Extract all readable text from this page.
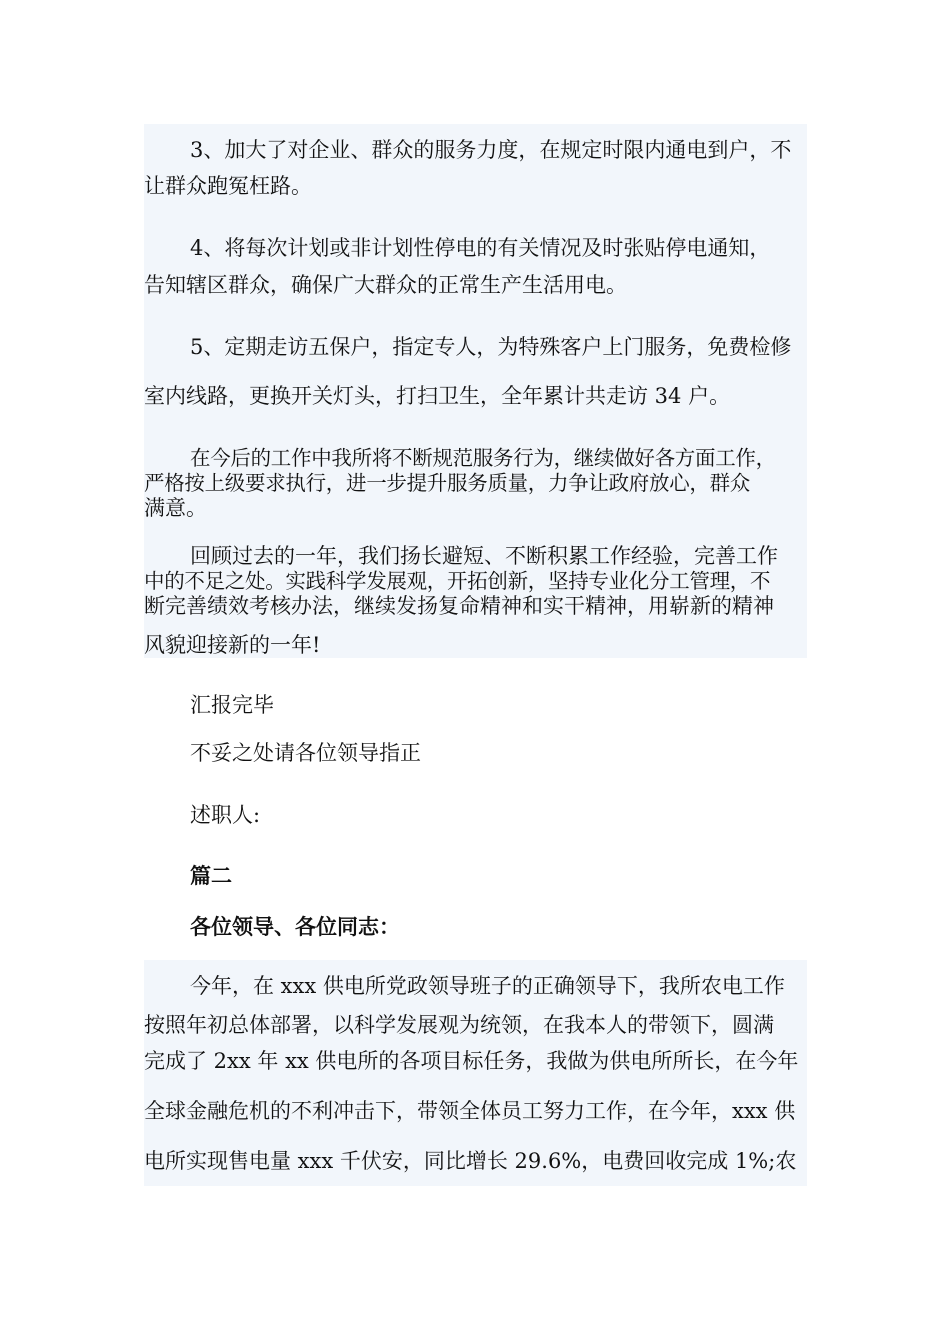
3、加大了对企业、群众的服务力度，在规定时限内通电到户，不
让群众跑冤枉路。
4、将每次计划或非计划性停电的有关情况及时张贴停电通知，
告知辖区群众，确保广大群众的正常生产生活用电。
5、定期走访五保户，指定专人，为特殊客户上门服务，免费检修
室内线路，更换开关灯头，打扫卫生，全年累计共走访 34 户。
在今后的工作中我所将不断规范服务行为，继续做好各方面工作，
严格按上级要求执行，进一步提升服务质量，力争让政府放心，群众
满意。
回顾过去的一年，我们扬长避短、不断积累工作经验，完善工作
中的不足之处。实践科学发展观，开拓创新，坚持专业化分工管理，不
断完善绩效考核办法，继续发扬复命精神和实干精神，用崭新的精神
风貌迎接新的一年!
汇报完毕
不妥之处请各位领导指正
述职人:
篇二
各位领导、各位同志：
今年，在 xxx 供电所党政领导班子的正确领导下，我所农电工作
按照年初总体部署，以科学发展观为统领，在我本人的带领下，圆满
完成了 2xx 年 xx 供电所的各项目标任务，我做为供电所所长，在今年
全球金融危机的不利冲击下，带领全体员工努力工作，在今年，xxx 供
电所实现售电量 xxx 千伏安，同比增长 29.6%，电费回收完成 1%;农
